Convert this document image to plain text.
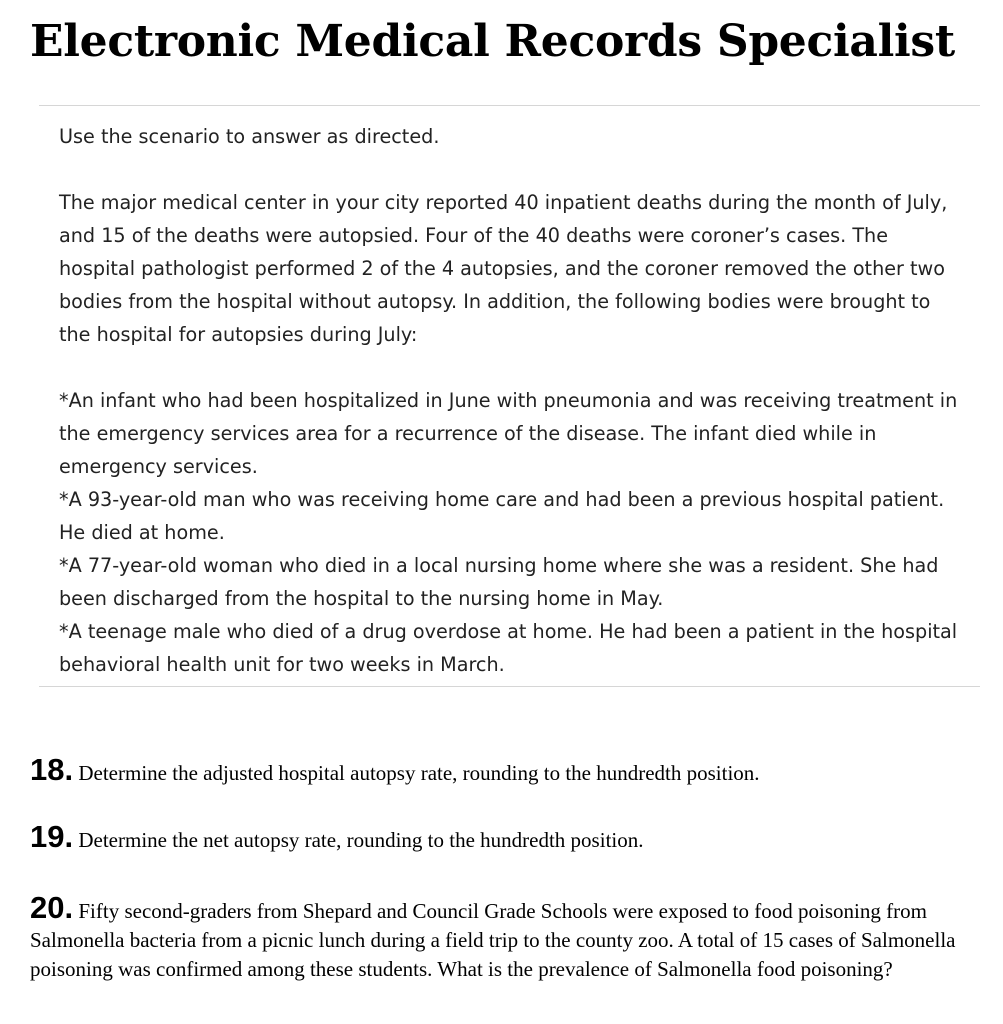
Electronic Medical Records Specialist

Use the scenario to answer as directed.

The major medical center in your city reported 40 inpatient deaths during the month of July, and 15 of the deaths were autopsied. Four of the 40 deaths were coroner’s cases. The hospital pathologist performed 2 of the 4 autopsies, and the coroner removed the other two bodies from the hospital without autopsy. In addition, the following bodies were brought to the hospital for autopsies during July:

*An infant who had been hospitalized in June with pneumonia and was receiving treatment in the emergency services area for a recurrence of the disease. The infant died while in emergency services.

*A 93-year-old man who was receiving home care and had been a previous hospital patient. He died at home.

*A 77-year-old woman who died in a local nursing home where she was a resident. She had been discharged from the hospital to the nursing home in May.

*A teenage male who died of a drug overdose at home. He had been a patient in the hospital behavioral health unit for two weeks in March.

18. Determine the adjusted hospital autopsy rate, rounding to the hundredth position.
19. Determine the net autopsy rate, rounding to the hundredth position.
20. Fifty second-graders from Shepard and Council Grade Schools were exposed to food poisoning from Salmonella bacteria from a picnic lunch during a field trip to the county zoo. A total of 15 cases of Salmonella poisoning was confirmed among these students. What is the prevalence of Salmonella food poisoning?
